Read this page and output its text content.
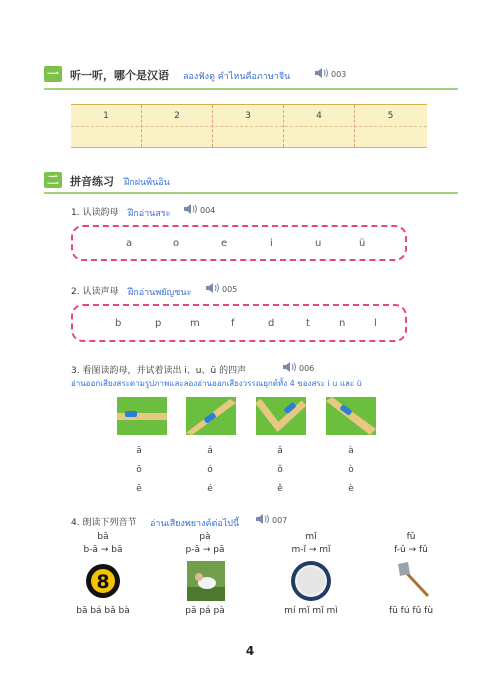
一 听一听，哪个是汉语 ลองฟังดู คำไหนคือภาษาจีน	003
1	2	3	4	5
二 拼音练习 ฝึกฝนพินอิน
1. 认读韵母 ฝึกอ่านสระ	004
a	o	e	i	u	ü
2. 认读声母 ฝึกอ่านพยัญชนะ	005
b	p	m	f	d	t	n	l
3. 看图读韵母，并试着读出 i、u、ü 的四声	006
อ่านออกเสียงสระตามรูปภาพและลองอ่านออกเสียงวรรณยุกต์ทั้ง 4 ของสระ i u และ ü
ā	á	ǎ	à
ō	ó	ǒ	ò
ē	é	ě	è
4. 朗读下列音节 อ่านเสียงพยางค์ต่อไปนี้	007
bā
b-ā → bā
8
bā bá bǎ bà
pà
p-ā → pā
pā pá pà
mǐ
m-ǐ → mǐ
mí mǐ mǐ mì
fǔ
f-ǔ → fǔ
fū fú fǔ fù
4
